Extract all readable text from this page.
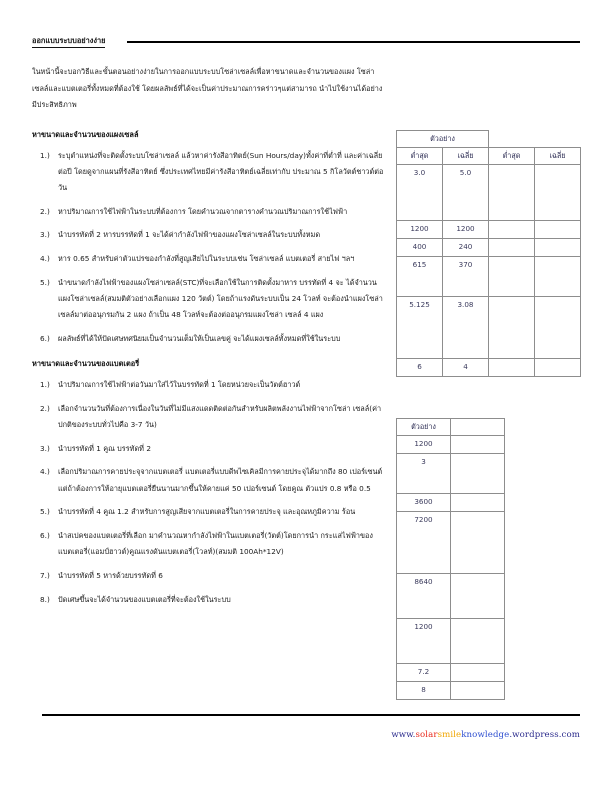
ออกแบบระบบอย่างง่าย

ในหน้านี้จะบอกวิธีและขั้นตอนอย่างง่ายในการออกแบบระบบโซล่าเซลล์เพื่อหาขนาดและจำนวนของแผง โซล่าเซลล์และแบตเตอรี่ทั้งหมดที่ต้องใช้ โดยผลลัพธ์ที่ได้จะเป็นค่าประมาณการคร่าวๆแต่สามารถ นำไปใช้งานได้อย่างมีประสิทธิภาพ

หาขนาดและจำนวนของแผงเซลล์
1.)	ระบุตำแหน่งที่จะติดตั้งระบบโซล่าเซลล์ แล้วหาค่ารังสีอาทิตย์(Sun Hours/day)ทั้งค่าที่ต่ำที่ และค่าเฉลี่ยต่อปี โดยดูจากแผนที่รังสีอาทิตย์ ซึ่งประเทศไทยมีค่ารังสีอาทิตย์เฉลี่ยเท่ากับ ประมาณ 5 กิโลวัตต์ชาวต์ต่อวัน
2.)	หาปริมาณการใช้ไฟฟ้าในระบบที่ต้องการ โดยคำนวณจากตารางคำนวณปริมาณการใช้ไฟฟ้า
3.)	นำบรรทัดที่ 2 หารบรรทัดที่ 1 จะได้ค่ากำลังไฟฟ้าของแผงโซล่าเซลล์ในระบบทั้งหมด
4.)	หาร 0.65 สำหรับค่าตัวแปรของกำลังที่สูญเสียไปในระบบเช่น โซล่าเซลล์ แบตเตอรี่ สายไฟ ฯลฯ
5.)	นำขนาดกำลังไฟฟ้าของแผงโซล่าเซลล์(STC)ที่จะเลือกใช้ในการติดตั้งมาหาร บรรทัดที่ 4 จะ ได้จำนวนแผงโซล่าเซลล์(สมมติตัวอย่างเลือกแผง 120 วัตต์) โดยถ้าแรงดันระบบเป็น 24 โวลท์ จะต้องนำแผงโซล่าเซลล์มาต่ออนุกรมกัน 2 แผง ถ้าเป็น 48 โวลท์จะต้องต่ออนุกรมแผงโซล่า เซลล์ 4 แผง
6.)	ผลลัพธ์ที่ได้ให้ปัดเศษทศนิยมเป็นจำนวนเต็มให้เป็นเลขคู่ จะได้แผงเซลล์ทั้งหมดที่ใช้ในระบบ
หาขนาดและจำนวนของแบตเตอรี่
1.)	นำปริมาณการใช้ไฟฟ้าต่อวันมาใส่ไว้ในบรรทัดที่ 1 โดยหน่วยจะเป็นวัตต์ฮาวต์
2.)	เลือกจำนวนวันที่ต้องการเนื่องในวันที่ไม่มีแสงแดดติดต่อกันสำหรับผลิตพลังงานไฟฟ้าจากโซล่า เซลล์(ค่าปกติของระบบทั่วไปคือ 3-7 วัน)
3.)	นำบรรทัดที่ 1 คูณ บรรทัดที่ 2
4.)	เลือกปริมาณการคายประจุจากแบตเตอรี่ แบตเตอรี่แบบดีพไซเคิลมีการคายประจุได้มากถึง 80 เปอร์เซนต์แต่ถ้าต้องการให้อายุแบตเตอรี่ยืนนานมากขึ้นให้คายแค่ 50 เปอร์เซนต์ โดยคูณ ตัวแปร 0.8 หรือ 0.5
5.)	นำบรรทัดที่ 4 คูณ 1.2 สำหรับการสูญเสียจากแบตเตอรี่ในการคายประจุ และอุณหภูมิความ ร้อน
6.)	นำสเปคของแบตเตอรี่ที่เลือก มาคำนวณหากำลังไฟฟ้าในแบตเตอรี่(วัตต์)โดยการนำ กระแสไฟฟ้าของแบตเตอรี่(แอมป์ฮาวต์)คูณแรงดันแบตเตอรี่(โวลท์)(สมมติ 100Ah*12V)
7.)	นำบรรทัดที่ 5 หารด้วยบรรทัดที่ 6
8.)	ปัดเศษขึ้นจะได้จำนวนของแบตเตอรี่ที่จะต้องใช้ในระบบ
ตัวอย่าง			
ต่ำสุด	เฉลี่ย	ต่ำสุด	เฉลี่ย
3.0	5.0		
1200	1200		
400	240		
615	370		
5.125	3.08		
6	4		
ตัวอย่าง	
1200	
3	
3600	
7200	
8640	
1200	
7.2	
8	
www.solarsmileknowledge.wordpress.com
